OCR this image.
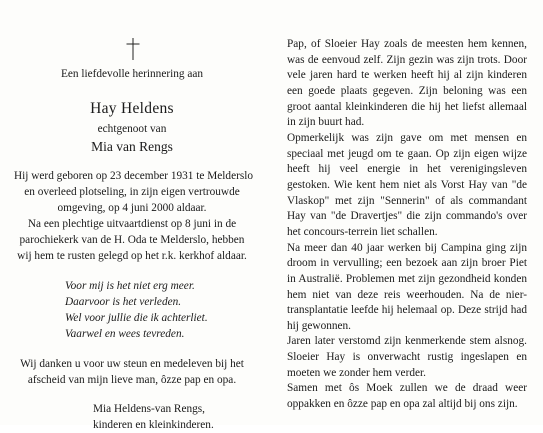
Een liefdevolle herinnering aan
Hay Heldens
echtgenoot van
Mia van Rengs
Hij werd geboren op 23 december 1931 te Melderslo
en overleed plotseling, in zijn eigen vertrouwde
omgeving, op 4 juni 2000 aldaar.
Na een plechtige uitvaartdienst op 8 juni in de
parochiekerk van de H. Oda te Melderslo, hebben
wij hem te rusten gelegd op het r.k. kerkhof aldaar.
Voor mij is het niet erg meer.
Daarvoor is het verleden.
Wel voor jullie die ik achterliet.
Vaarwel en wees tevreden.
Wij danken u voor uw steun en medeleven bij het
afscheid van mijn lieve man, ôzze pap en opa.
Mia Heldens-van Rengs,
kinderen en kleinkinderen.

Pap, of Sloeier Hay zoals de meesten hem kennen, was de eenvoud zelf. Zijn gezin was zijn trots. Door vele jaren hard te werken heeft hij al zijn kinderen een goede plaats gegeven. Zijn beloning was een groot aantal kleinkinderen die hij het liefst allemaal in zijn buurt had.

Opmerkelijk was zijn gave om met mensen en speciaal met jeugd om te gaan. Op zijn eigen wijze heeft hij veel energie in het verenigingsleven gestoken. Wie kent hem niet als Vorst Hay van "de Vlaskop" met zijn "Sennerin" of als commandant Hay van "de Dravertjes" die zijn commando's over het concours-terrein liet schallen.

Na meer dan 40 jaar werken bij Campina ging zijn droom in vervulling; een bezoek aan zijn broer Piet in Australië. Problemen met zijn gezondheid konden hem niet van deze reis weerhouden. Na de nier-transplantatie leefde hij helemaal op. Deze strijd had hij gewonnen.

Jaren later verstomd zijn kenmerkende stem alsnog. Sloeier Hay is onverwacht rustig ingeslapen en moeten we zonder hem verder.

Samen met ôs Moek zullen we de draad weer oppakken en ôzze pap en opa zal altijd bij ons zijn.
